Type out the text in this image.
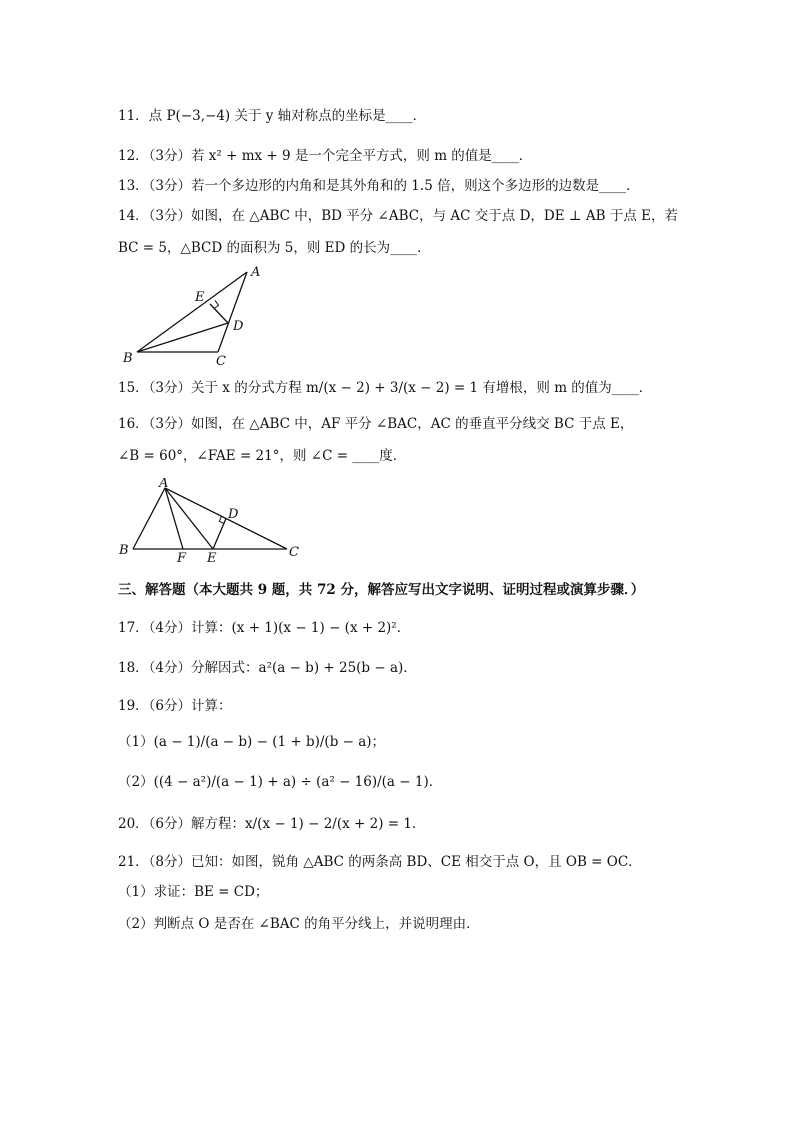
11．点 P(−3,−4) 关于 y 轴对称点的坐标是____．
12．（3分）若 x² + mx + 9 是一个完全平方式，则 m 的值是____．
13．（3分）若一个多边形的内角和是其外角和的 1.5 倍，则这个多边形的边数是____．
14．（3分）如图，在 △ABC 中，BD 平分 ∠ABC，与 AC 交于点 D，DE ⊥ AB 于点 E，若
BC = 5，△BCD 的面积为 5，则 ED 的长为____．
A
B	C
D
E
15．（3分）关于 x 的分式方程 m/(x − 2) + 3/(x − 2) = 1 有增根，则 m 的值为____．
16．（3分）如图，在 △ABC 中，AF 平分 ∠BAC，AC 的垂直平分线交 BC 于点 E，
∠B = 60°，∠FAE = 21°，则 ∠C = ____度．
A
B	C
D
E
F
三、解答题（本大题共 9 题，共 72 分，解答应写出文字说明、证明过程或演算步骤．）
17．（4分）计算：(x + 1)(x − 1) − (x + 2)²．
18．（4分）分解因式：a²(a − b) + 25(b − a)．
19．（6分）计算：
（1）(a − 1)/(a − b) − (1 + b)/(b − a)；
（2）((4 − a²)/(a − 1) + a) ÷ (a² − 16)/(a − 1)．
20．（6分）解方程：x/(x − 1) − 2/(x + 2) = 1．
21．（8分）已知：如图，锐角 △ABC 的两条高 BD、CE 相交于点 O，且 OB = OC．
（1）求证：BE = CD；
（2）判断点 O 是否在 ∠BAC 的角平分线上，并说明理由．
